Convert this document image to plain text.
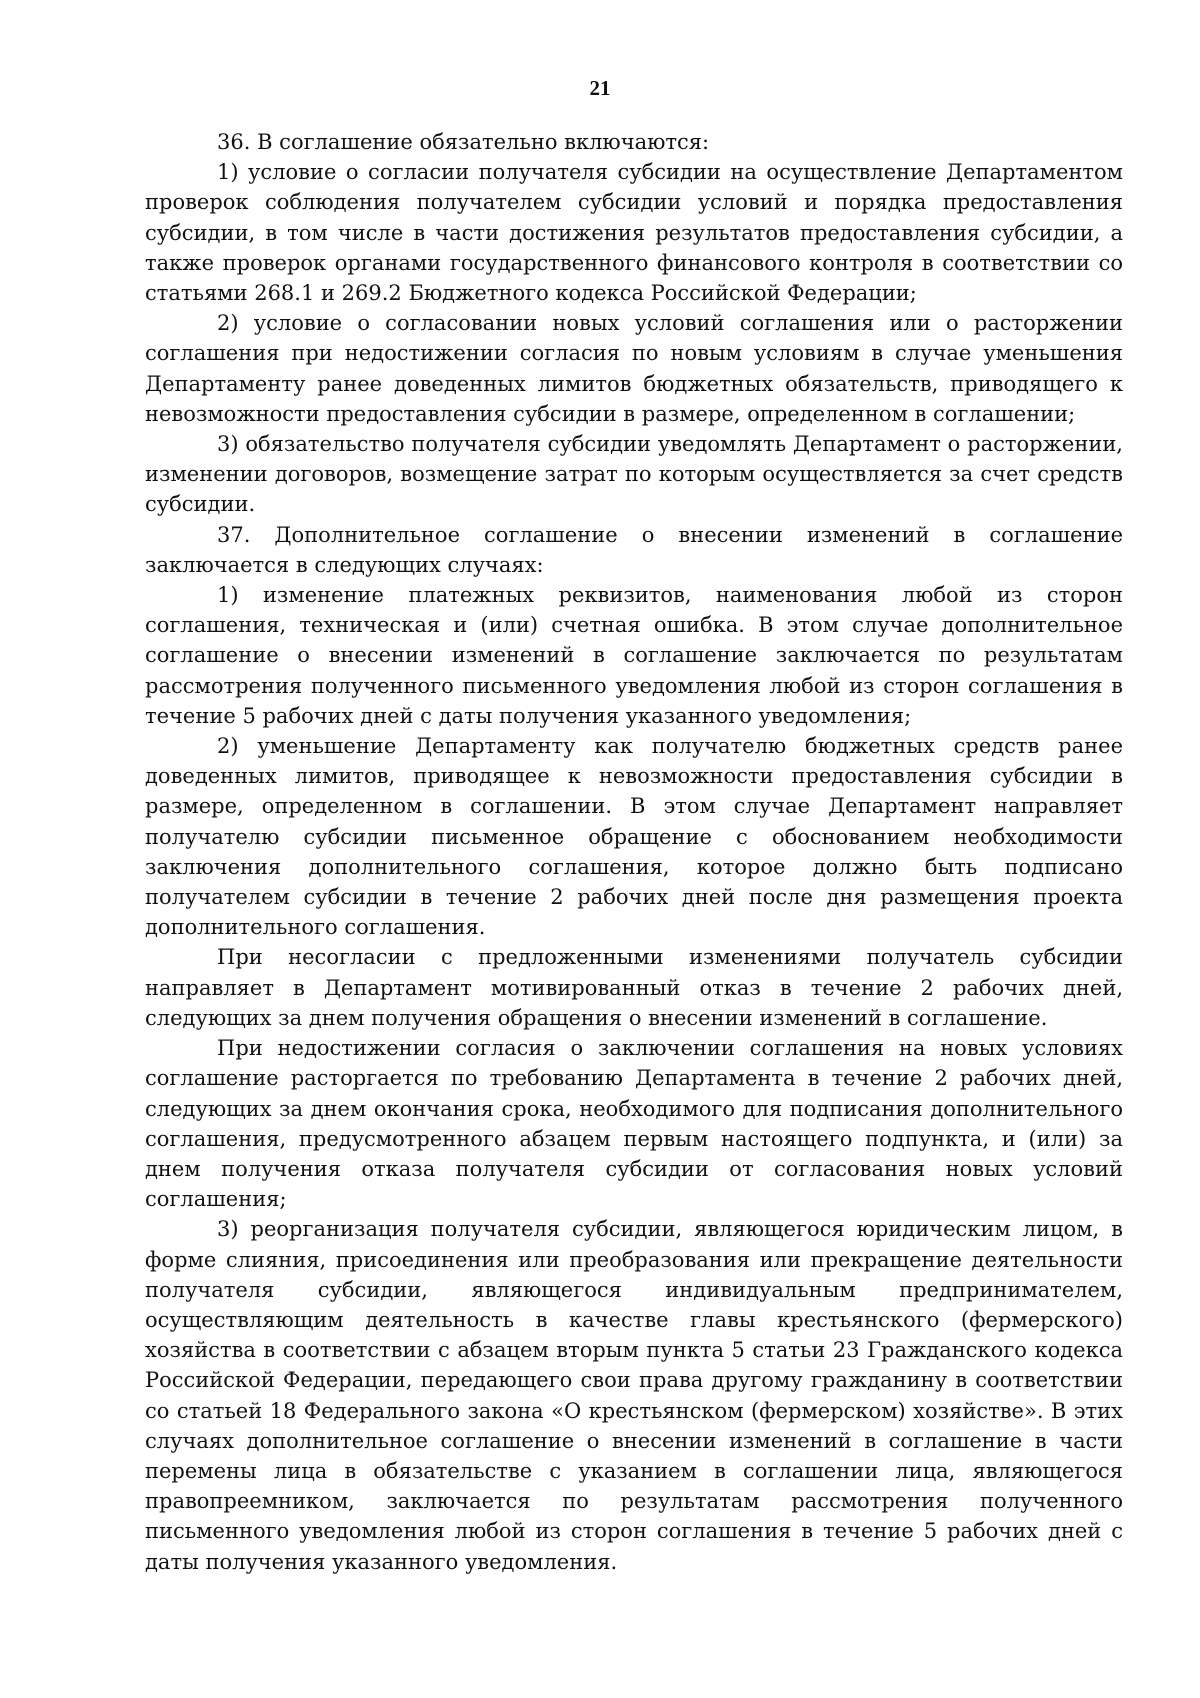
21

36. В соглашение обязательно включаются:

1) условие о согласии получателя субсидии на осуществление Департаментом проверок соблюдения получателем субсидии условий и порядка предоставления субсидии, в том числе в части достижения результатов предоставления субсидии, а также проверок органами государственного финансового контроля в соответствии со статьями 268.1 и 269.2 Бюджетного кодекса Российской Федерации;

2) условие о согласовании новых условий соглашения или о расторжении соглашения при недостижении согласия по новым условиям в случае уменьшения Департаменту ранее доведенных лимитов бюджетных обязательств, приводящего к невозможности предоставления субсидии в размере, определенном в соглашении;

3) обязательство получателя субсидии уведомлять Департамент о расторжении, изменении договоров, возмещение затрат по которым осуществляется за счет средств субсидии.

37. Дополнительное соглашение о внесении изменений в соглашение заключается в следующих случаях:

1) изменение платежных реквизитов, наименования любой из сторон соглашения, техническая и (или) счетная ошибка. В этом случае дополнительное соглашение о внесении изменений в соглашение заключается по результатам рассмотрения полученного письменного уведомления любой из сторон соглашения в течение 5 рабочих дней с даты получения указанного уведомления;

2) уменьшение Департаменту как получателю бюджетных средств ранее доведенных лимитов, приводящее к невозможности предоставления субсидии в размере, определенном в соглашении. В этом случае Департамент направляет получателю субсидии письменное обращение с обоснованием необходимости заключения дополнительного соглашения, которое должно быть подписано получателем субсидии в течение 2 рабочих дней после дня размещения проекта дополнительного соглашения.

При несогласии с предложенными изменениями получатель субсидии направляет в Департамент мотивированный отказ в течение 2 рабочих дней, следующих за днем получения обращения о внесении изменений в соглашение.

При недостижении согласия о заключении соглашения на новых условиях соглашение расторгается по требованию Департамента в течение 2 рабочих дней, следующих за днем окончания срока, необходимого для подписания дополнительного соглашения, предусмотренного абзацем первым настоящего подпункта, и (или) за днем получения отказа получателя субсидии от согласования новых условий соглашения;

3) реорганизация получателя субсидии, являющегося юридическим лицом, в форме слияния, присоединения или преобразования или прекращение деятельности получателя субсидии, являющегося индивидуальным предпринимателем, осуществляющим деятельность в качестве главы крестьянского (фермерского) хозяйства в соответствии с абзацем вторым пункта 5 статьи 23 Гражданского кодекса Российской Федерации, передающего свои права другому гражданину в соответствии со статьей 18 Федерального закона «О крестьянском (фермерском) хозяйстве». В этих случаях дополнительное соглашение о внесении изменений в соглашение в части перемены лица в обязательстве с указанием в соглашении лица, являющегося правопреемником, заключается по результатам рассмотрения полученного письменного уведомления любой из сторон соглашения в течение 5 рабочих дней с даты получения указанного уведомления.
